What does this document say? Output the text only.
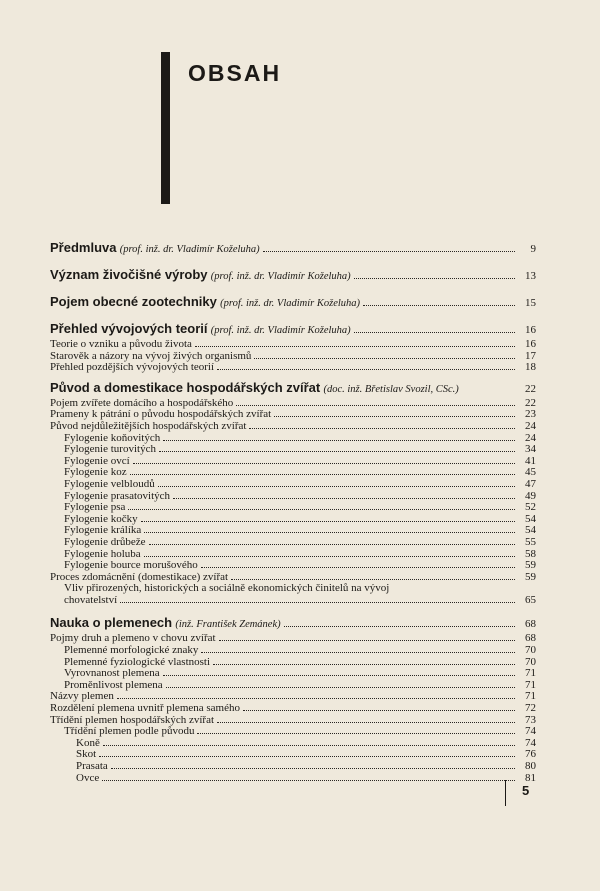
OBSAH
Předmluva (prof. inž. dr. Vladimír Koželuha)	9
Význam živočišné výroby (prof. inž. dr. Vladimír Koželuha)	13
Pojem obecné zootechniky (prof. inž. dr. Vladimír Koželuha)	15
Přehled vývojových teorií (prof. inž. dr. Vladimír Koželuha)	16
Teorie o vzniku a původu života	16
Starověk a názory na vývoj živých organismů	17
Přehled pozdějších vývojových teorií	18
Původ a domestikace hospodářských zvířat (doc. inž. Břetislav Svozil, CSc.)	22
Pojem zvířete domácího a hospodářského	22
Prameny k pátrání o původu hospodářských zvířat	23
Původ nejdůležitějších hospodářských zvířat	24
Fylogenie koňovitých	24
Fylogenie turovitých	34
Fylogenie ovcí	41
Fylogenie koz	45
Fylogenie velbloudů	47
Fylogenie prasatovitých	49
Fylogenie psa	52
Fylogenie kočky	54
Fylogenie králíka	54
Fylogenie drůbeže	55
Fylogenie holuba	58
Fylogenie bource morušového	59
Proces zdomácnění (domestikace) zvířat	59
Vliv přirozených, historických a sociálně ekonomických činitelů na vývoj
chovatelství	65
Nauka o plemenech (inž. František Zemánek)	68
Pojmy druh a plemeno v chovu zvířat	68
Plemenné morfologické znaky	70
Plemenné fyziologické vlastnosti	70
Vyrovnanost plemena	71
Proměnlivost plemena	71
Názvy plemen	71
Rozdělení plemena uvnitř plemena samého	72
Třídění plemen hospodářských zvířat	73
Třídění plemen podle původu	74
Koně	74
Skot	76
Prasata	80
Ovce	81
5
